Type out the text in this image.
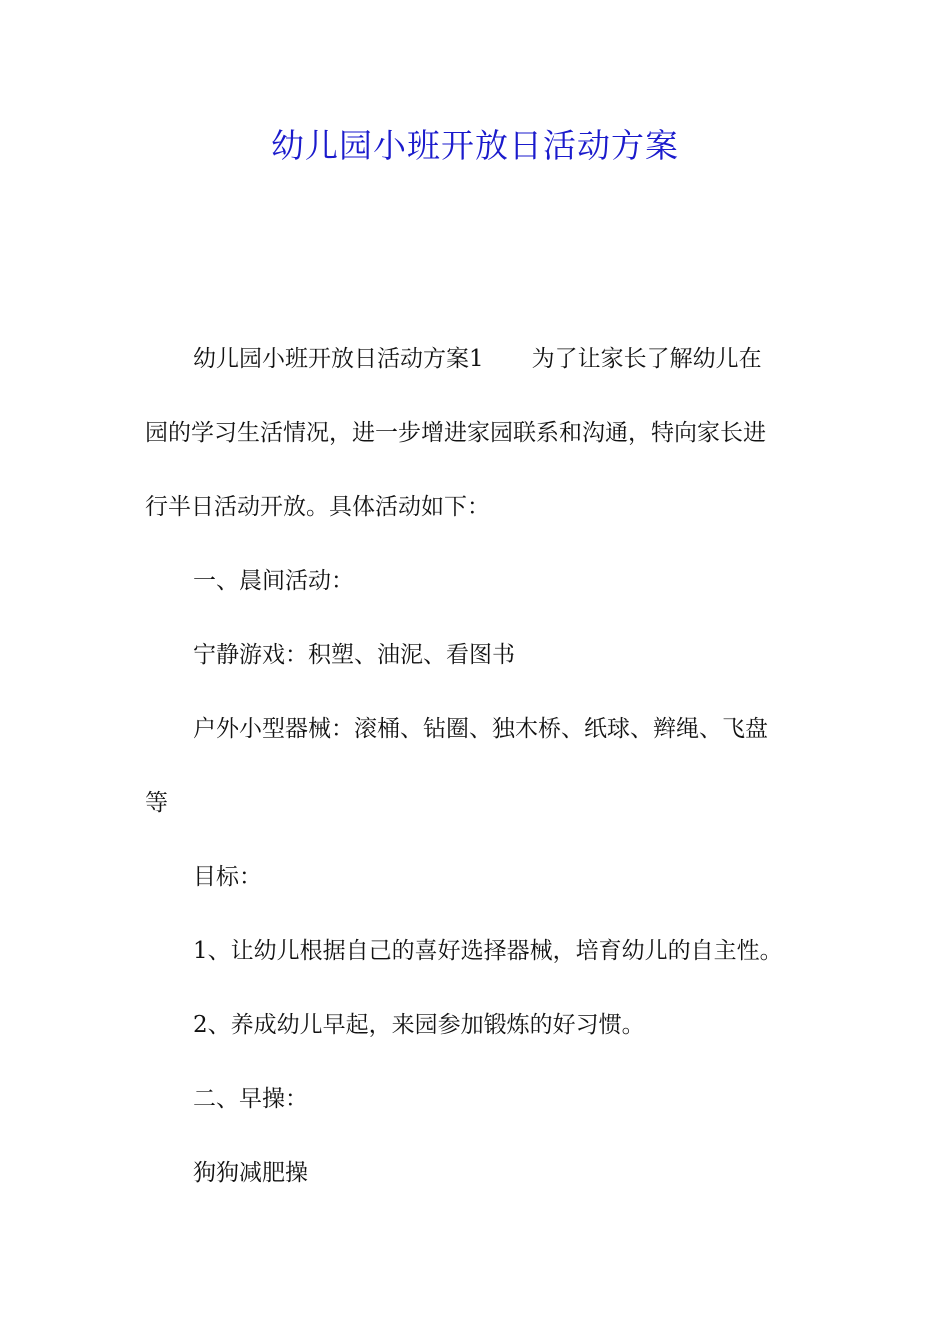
幼儿园小班开放日活动方案
幼儿园小班开放日活动方案1 为了让家长了解幼儿在
园的学习生活情况，进一步增进家园联系和沟通，特向家长进
行半日活动开放。具体活动如下：
一、晨间活动：
宁静游戏：积塑、油泥、看图书
户外小型器械：滚桶、钻圈、独木桥、纸球、辫绳、飞盘
等
目标：
1、让幼儿根据自己的喜好选择器械，培育幼儿的自主性。
2、养成幼儿早起，来园参加锻炼的好习惯。
二、早操：
狗狗减肥操
